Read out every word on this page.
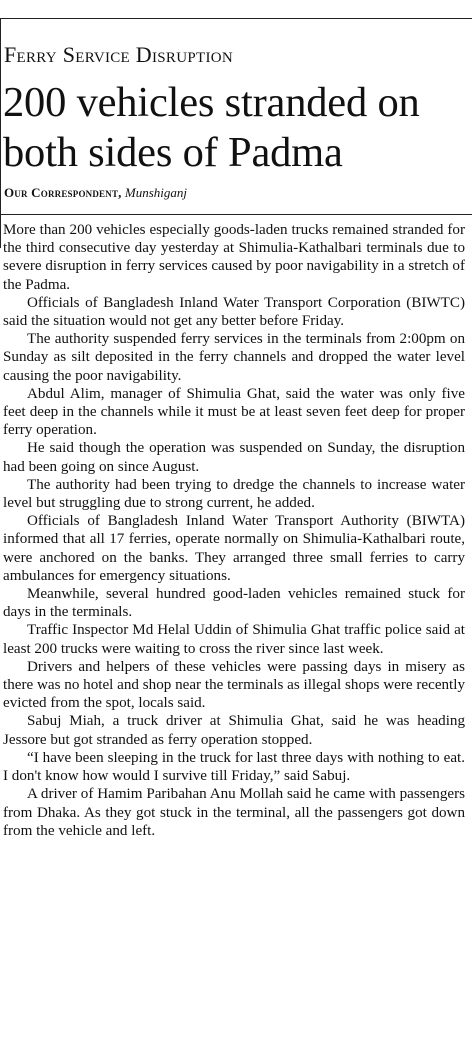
Ferry Service Disruption
200 vehicles stranded on both sides of Padma
Our Correspondent, Munshiganj

More than 200 vehicles especially goods-laden trucks remained stranded for the third consecutive day yesterday at Shimulia-Kathalbari terminals due to severe disruption in ferry services caused by poor navigability in a stretch of the Padma.

Officials of Bangladesh Inland Water Transport Corporation (BIWTC) said the situation would not get any better before Friday.

The authority suspended ferry services in the terminals from 2:00pm on Sunday as silt deposited in the ferry channels and dropped the water level causing the poor navigability.

Abdul Alim, manager of Shimulia Ghat, said the water was only five feet deep in the channels while it must be at least seven feet deep for proper ferry operation.

He said though the operation was suspended on Sunday, the disruption had been going on since August.

The authority had been trying to dredge the channels to increase water level but struggling due to strong current, he added.

Officials of Bangladesh Inland Water Transport Authority (BIWTA) informed that all 17 ferries, operate normally on Shimulia-Kathalbari route, were anchored on the banks. They arranged three small ferries to carry ambulances for emergency situations.

Meanwhile, several hundred good-laden vehicles remained stuck for days in the terminals.

Traffic Inspector Md Helal Uddin of Shimulia Ghat traffic police said at least 200 trucks were waiting to cross the river since last week.

Drivers and helpers of these vehicles were passing days in misery as there was no hotel and shop near the terminals as illegal shops were recently evicted from the spot, locals said.

Sabuj Miah, a truck driver at Shimulia Ghat, said he was heading Jessore but got stranded as ferry operation stopped.

“I have been sleeping in the truck for last three days with nothing to eat. I don't know how would I survive till Friday,” said Sabuj.

A driver of Hamim Paribahan Anu Mollah said he came with passengers from Dhaka. As they got stuck in the terminal, all the passengers got down from the vehicle and left.
